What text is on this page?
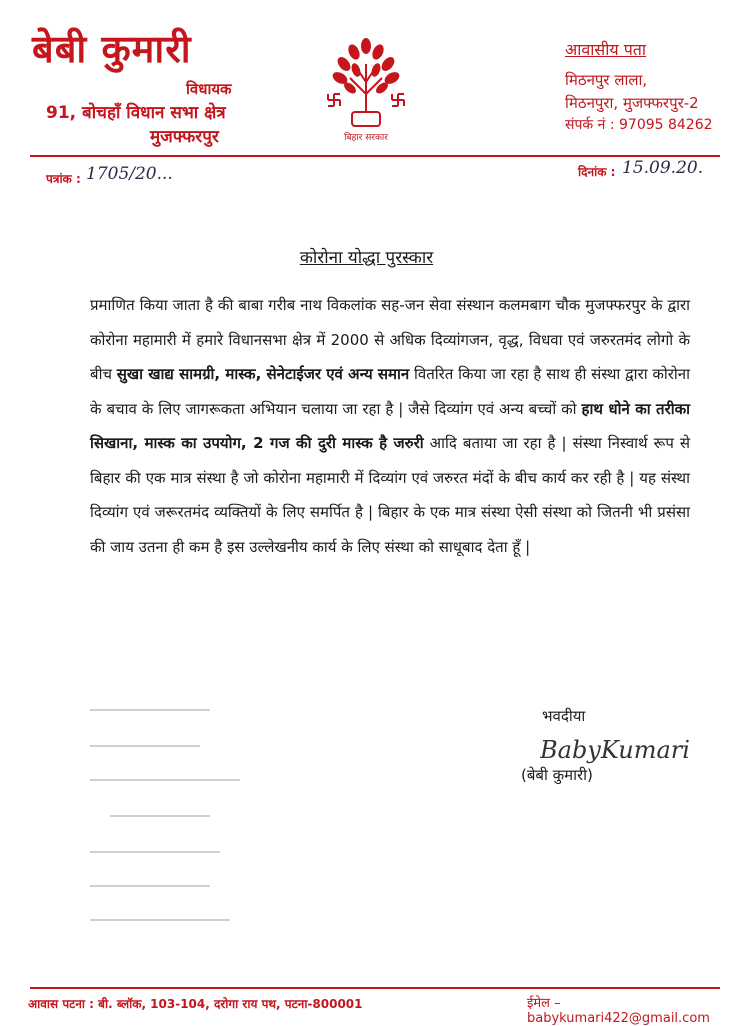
बेबी कुमारी
विधायक
91, बोचहाँ विधान सभा क्षेत्र
मुजफ्फरपुर	बिहार सरकार
आवासीय पता
मिठनपुर लाला,
मिठनपुरा, मुजफ्फरपुर-2
संपर्क नं : 97095 84262
पत्रांक : 1705/20...	दिनांक : 15.09.20.
कोरोना योद्धा पुरस्कार
प्रमाणित किया जाता है की बाबा गरीब नाथ विकलांक सह-जन सेवा संस्थान कलमबाग चौक मुजफ्फरपुर के द्वारा कोरोना महामारी में हमारे विधानसभा क्षेत्र में 2000 से अधिक दिव्यांगजन, वृद्ध, विधवा एवं जरुरतमंद लोगो के बीच सुखा खाद्य सामग्री, मास्क, सेनेटाईजर एवं अन्य समान वितरित किया जा रहा है साथ ही संस्था द्वारा कोरोना के बचाव के लिए जागरूकता अभियान चलाया जा रहा है | जैसे दिव्यांग एवं अन्य बच्चों को हाथ धोने का तरीका सिखाना, मास्क का उपयोग, 2 गज की दुरी मास्क है जरुरी आदि बताया जा रहा है | संस्था निस्वार्थ रूप से बिहार की एक मात्र संस्था है जो कोरोना महामारी में दिव्यांग एवं जरुरत मंदों के बीच कार्य कर रही है | यह संस्था दिव्यांग एवं जरूरतमंद व्यक्तियों के लिए समर्पित है | बिहार के एक मात्र संस्था ऐसी संस्था को जितनी भी प्रसंसा की जाय उतना ही कम है इस उल्लेखनीय कार्य के लिए संस्था को साधूबाद देता हूँ |
भवदीया
BabyKumari
(बेबी कुमारी)
आवास पटना : बी. ब्लॉक, 103-104, दरोगा राय पथ, पटना-800001	ईमेल – babykumari422@gmail.com
